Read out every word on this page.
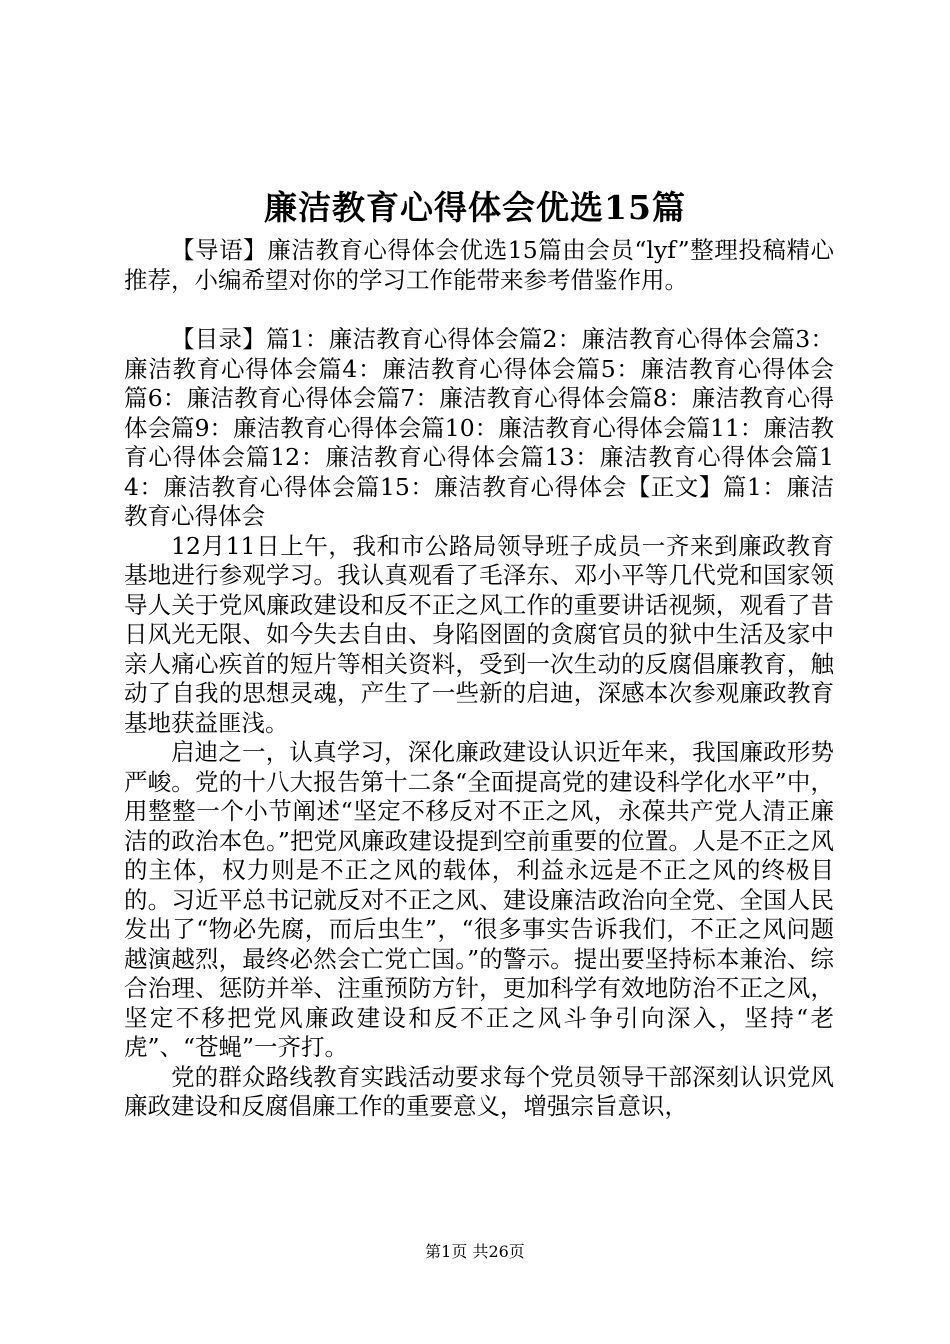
廉洁教育心得体会优选15篇

【导语】廉洁教育心得体会优选15篇由会员“lyf”整理投稿精心推荐，小编希望对你的学习工作能带来参考借鉴作用。

【目录】篇1：廉洁教育心得体会篇2：廉洁教育心得体会篇3：廉洁教育心得体会篇4：廉洁教育心得体会篇5：廉洁教育心得体会篇6：廉洁教育心得体会篇7：廉洁教育心得体会篇8：廉洁教育心得体会篇9：廉洁教育心得体会篇10：廉洁教育心得体会篇11：廉洁教育心得体会篇12：廉洁教育心得体会篇13：廉洁教育心得体会篇14：廉洁教育心得体会篇15：廉洁教育心得体会【正文】篇1：廉洁教育心得体会

12月11日上午，我和市公路局领导班子成员一齐来到廉政教育基地进行参观学习。我认真观看了毛泽东、邓小平等几代党和国家领导人关于党风廉政建设和反不正之风工作的重要讲话视频，观看了昔日风光无限、如今失去自由、身陷囹圄的贪腐官员的狱中生活及家中亲人痛心疾首的短片等相关资料，受到一次生动的反腐倡廉教育，触动了自我的思想灵魂，产生了一些新的启迪，深感本次参观廉政教育基地获益匪浅。

启迪之一，认真学习，深化廉政建设认识近年来，我国廉政形势严峻。党的十八大报告第十二条“全面提高党的建设科学化水平”中，用整整一个小节阐述“坚定不移反对不正之风，永葆共产党人清正廉洁的政治本色。”把党风廉政建设提到空前重要的位置。人是不正之风的主体，权力则是不正之风的载体，利益永远是不正之风的终极目的。习近平总书记就反对不正之风、建设廉洁政治向全党、全国人民发出了“物必先腐，而后虫生”，“很多事实告诉我们，不正之风问题越演越烈，最终必然会亡党亡国。”的警示。提出要坚持标本兼治、综合治理、惩防并举、注重预防方针，更加科学有效地防治不正之风，坚定不移把党风廉政建设和反不正之风斗争引向深入，坚持“老虎”、“苍蝇”一齐打。

党的群众路线教育实践活动要求每个党员领导干部深刻认识党风廉政建设和反腐倡廉工作的重要意义，增强宗旨意识，

第1页 共26页
